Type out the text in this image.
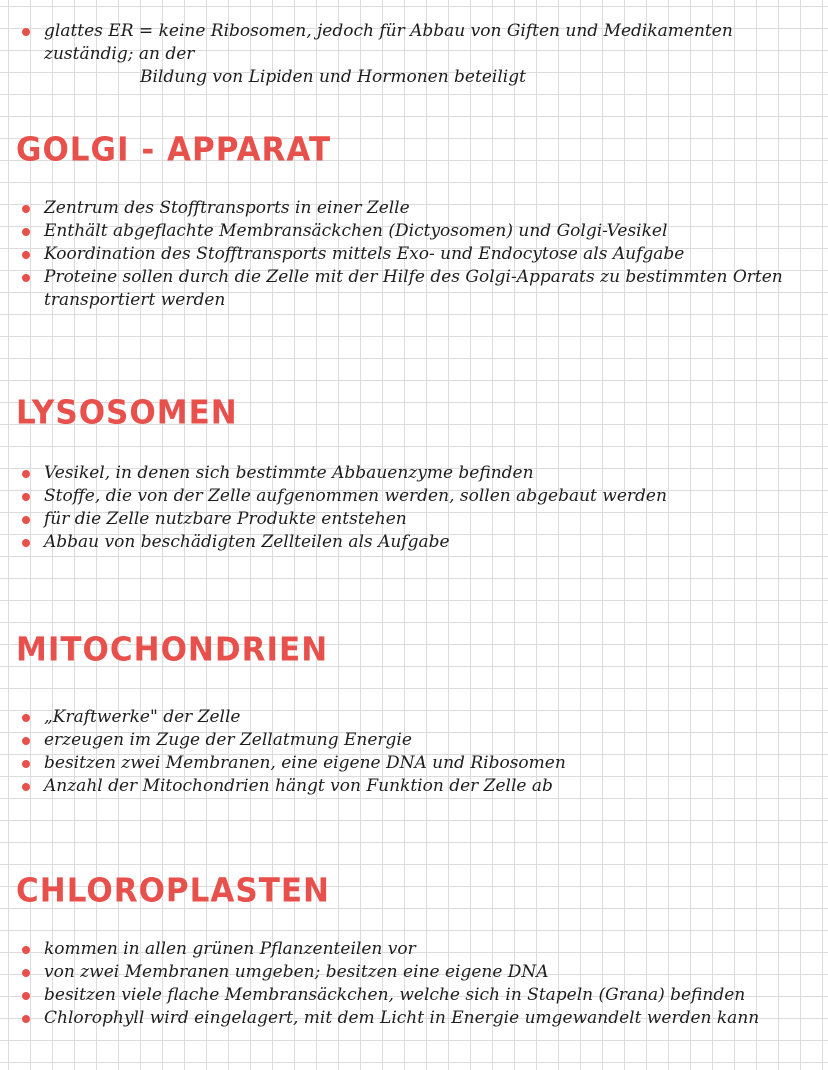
glattes ER = keine Ribosomen, jedoch für Abbau von Giften und Medikamenten zuständig; an der
Bildung von Lipiden und Hormonen beteiligt
GOLGI - APPARAT
Zentrum des Stofftransports in einer Zelle
Enthält abgeflachte Membransäckchen (Dictyosomen) und Golgi-Vesikel
Koordination des Stofftransports mittels Exo- und Endocytose als Aufgabe
Proteine sollen durch die Zelle mit der Hilfe des Golgi-Apparats zu bestimmten Orten
transportiert werden
LYSOSOMEN
Vesikel, in denen sich bestimmte Abbauenzyme befinden
Stoffe, die von der Zelle aufgenommen werden, sollen abgebaut werden
für die Zelle nutzbare Produkte entstehen
Abbau von beschädigten Zellteilen als Aufgabe
MITOCHONDRIEN
„Kraftwerke" der Zelle
erzeugen im Zuge der Zellatmung Energie
besitzen zwei Membranen, eine eigene DNA und Ribosomen
Anzahl der Mitochondrien hängt von Funktion der Zelle ab
CHLOROPLASTEN
kommen in allen grünen Pflanzenteilen vor
von zwei Membranen umgeben; besitzen eine eigene DNA
besitzen viele flache Membransäckchen, welche sich in Stapeln (Grana) befinden
Chlorophyll wird eingelagert, mit dem Licht in Energie umgewandelt werden kann
